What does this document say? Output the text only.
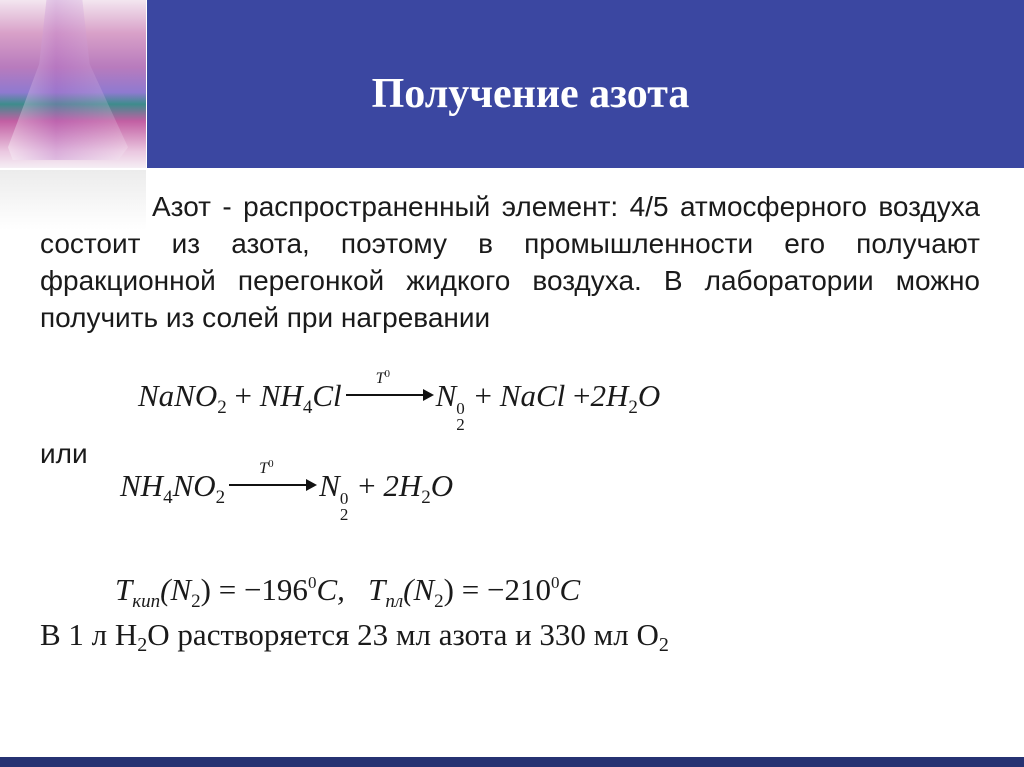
Получение азота
Азот - распространенный элемент: 4/5 атмосферного воздуха состоит из азота, поэтому в промышленности его получают фракционной перегонкой жидкого воздуха. В лаборатории можно получить из солей при нагревании
NaNO$_2$ + $NH_4Cl$ $T^0$
N 0
2
+ NaCl $+2H_2O$
или
$NH_4NO_2$
$T^0$
N 0
2
+ $2H_2O$
$T_{кип}(N_2) = -196^0C$, $T_{пл}(N_2) = -210^0C$
В 1 л $H_2O$ растворяется 23 мл азота и 330 мл $O_2$
